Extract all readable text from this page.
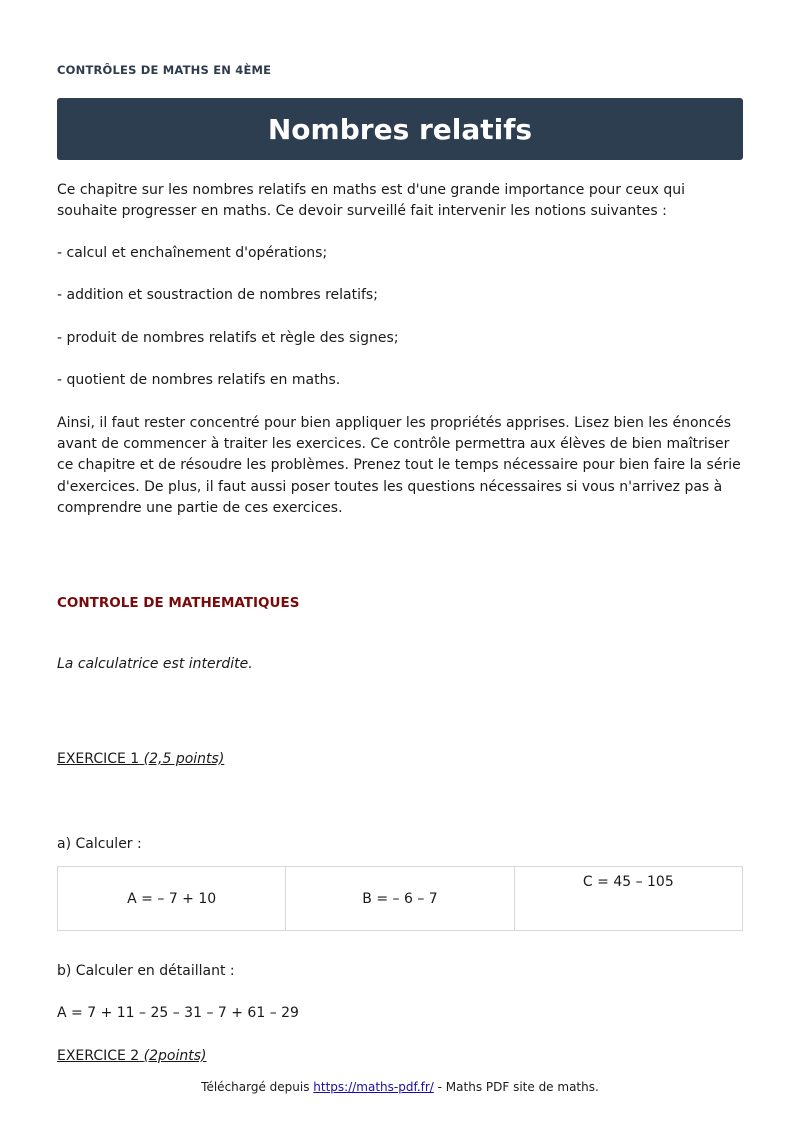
CONTRÔLES DE MATHS EN 4ÈME
Nombres relatifs

Ce chapitre sur les nombres relatifs en maths est d'une grande importance pour ceux qui souhaite progresser en maths. Ce devoir surveillé fait intervenir les notions suivantes :

- calcul et enchaînement d'opérations;

- addition et soustraction de nombres relatifs;

- produit de nombres relatifs et règle des signes;

- quotient de nombres relatifs en maths.

Ainsi, il faut rester concentré pour bien appliquer les propriétés apprises. Lisez bien les énoncés avant de commencer à traiter les exercices. Ce contrôle permettra aux élèves de bien maîtriser ce chapitre et de résoudre les problèmes. Prenez tout le temps nécessaire pour bien faire la série d'exercices. De plus, il faut aussi poser toutes les questions nécessaires si vous n'arrivez pas à comprendre une partie de ces exercices.

CONTROLE DE MATHEMATIQUES

La calculatrice est interdite.

EXERCICE 1 (2,5 points)

a) Calculer :

A = – 7 + 10	B = – 6 – 7	C = 45 – 105

b) Calculer en détaillant :

A = 7 + 11 – 25 – 31 – 7 + 61 – 29

EXERCICE 2 (2points)

Téléchargé depuis https://maths-pdf.fr/ - Maths PDF site de maths.
